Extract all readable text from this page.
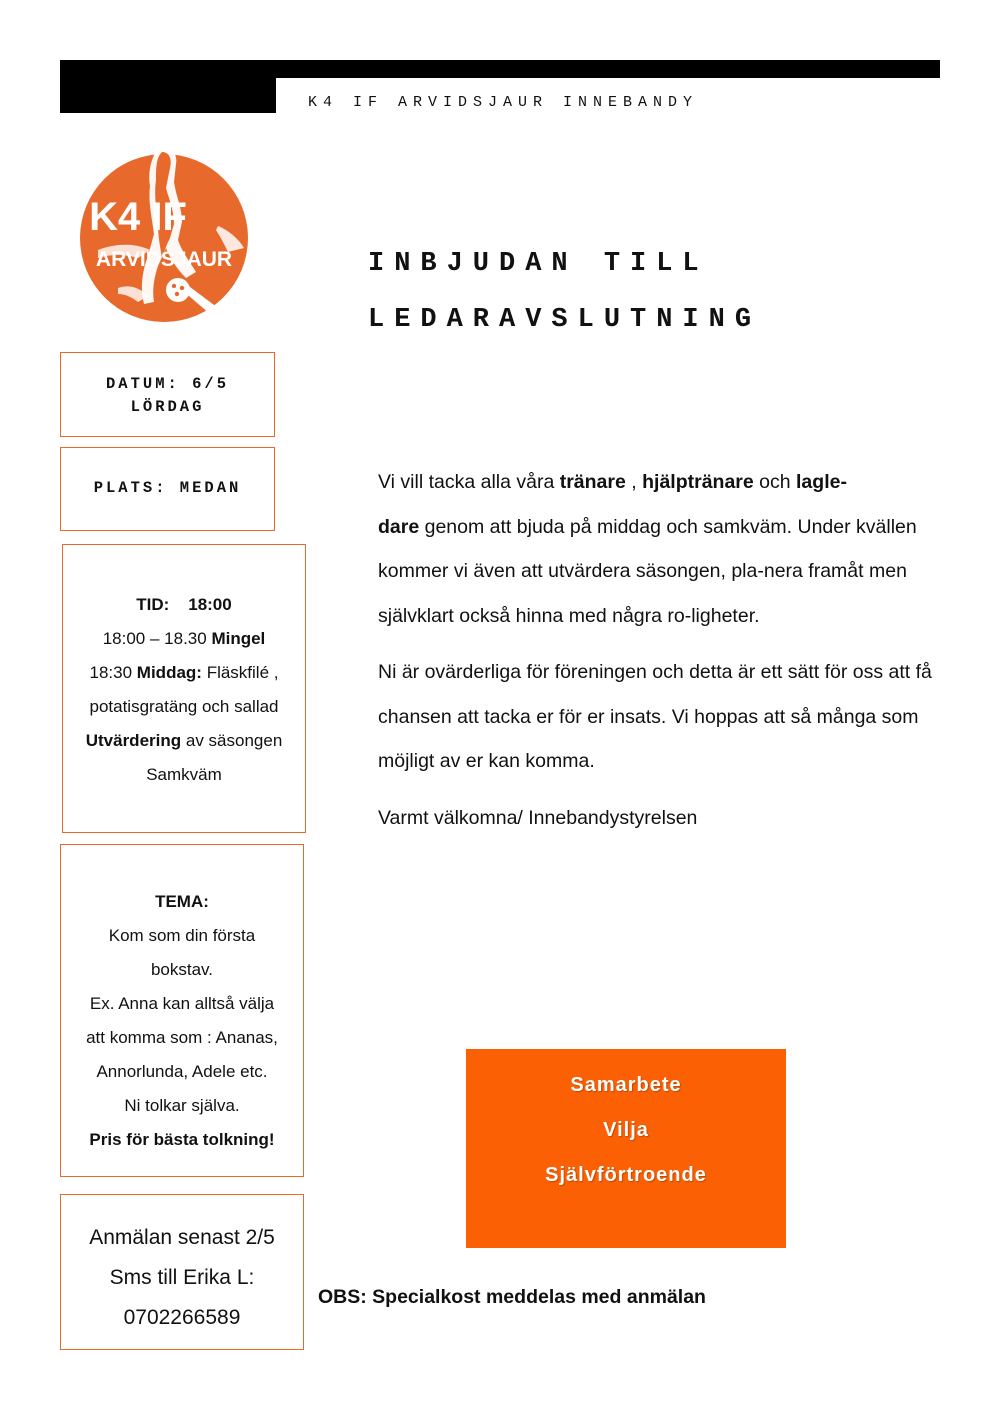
K4 IF ARVIDSJAUR INNEBANDY
K4 IF
ARVIDSJAUR	INBJUDAN TILL
LEDARAVSLUTNING
DATUM: 6/5
LÖRDAG
PLATS: MEDAN
TID: 18:00
18:00 – 18.30 Mingel
18:30 Middag: Fläskfilé ,
potatisgratäng och sallad
Utvärdering av säsongen
Samkväm
TEMA:
Kom som din första
bokstav.
Ex. Anna kan alltså välja
att komma som : Ananas,
Annorlunda, Adele etc.
Ni tolkar själva.
Pris för bästa tolkning!
Anmälan senast 2/5
Sms till Erika L:
0702266589

Vi vill tacka alla våra tränare , hjälptränare och lagle-
dare genom att bjuda på middag och samkväm. Under kvällen kommer vi även att utvärdera säsongen, pla-nera framåt men självklart också hinna med några ro-ligheter.

Ni är ovärderliga för föreningen och detta är ett sätt för oss att få chansen att tacka er för er insats. Vi hoppas att så många som möjligt av er kan komma.

Varmt välkomna/ Innebandystyrelsen

Samarbete
Vilja
Självförtroende
OBS: Specialkost meddelas med anmälan
